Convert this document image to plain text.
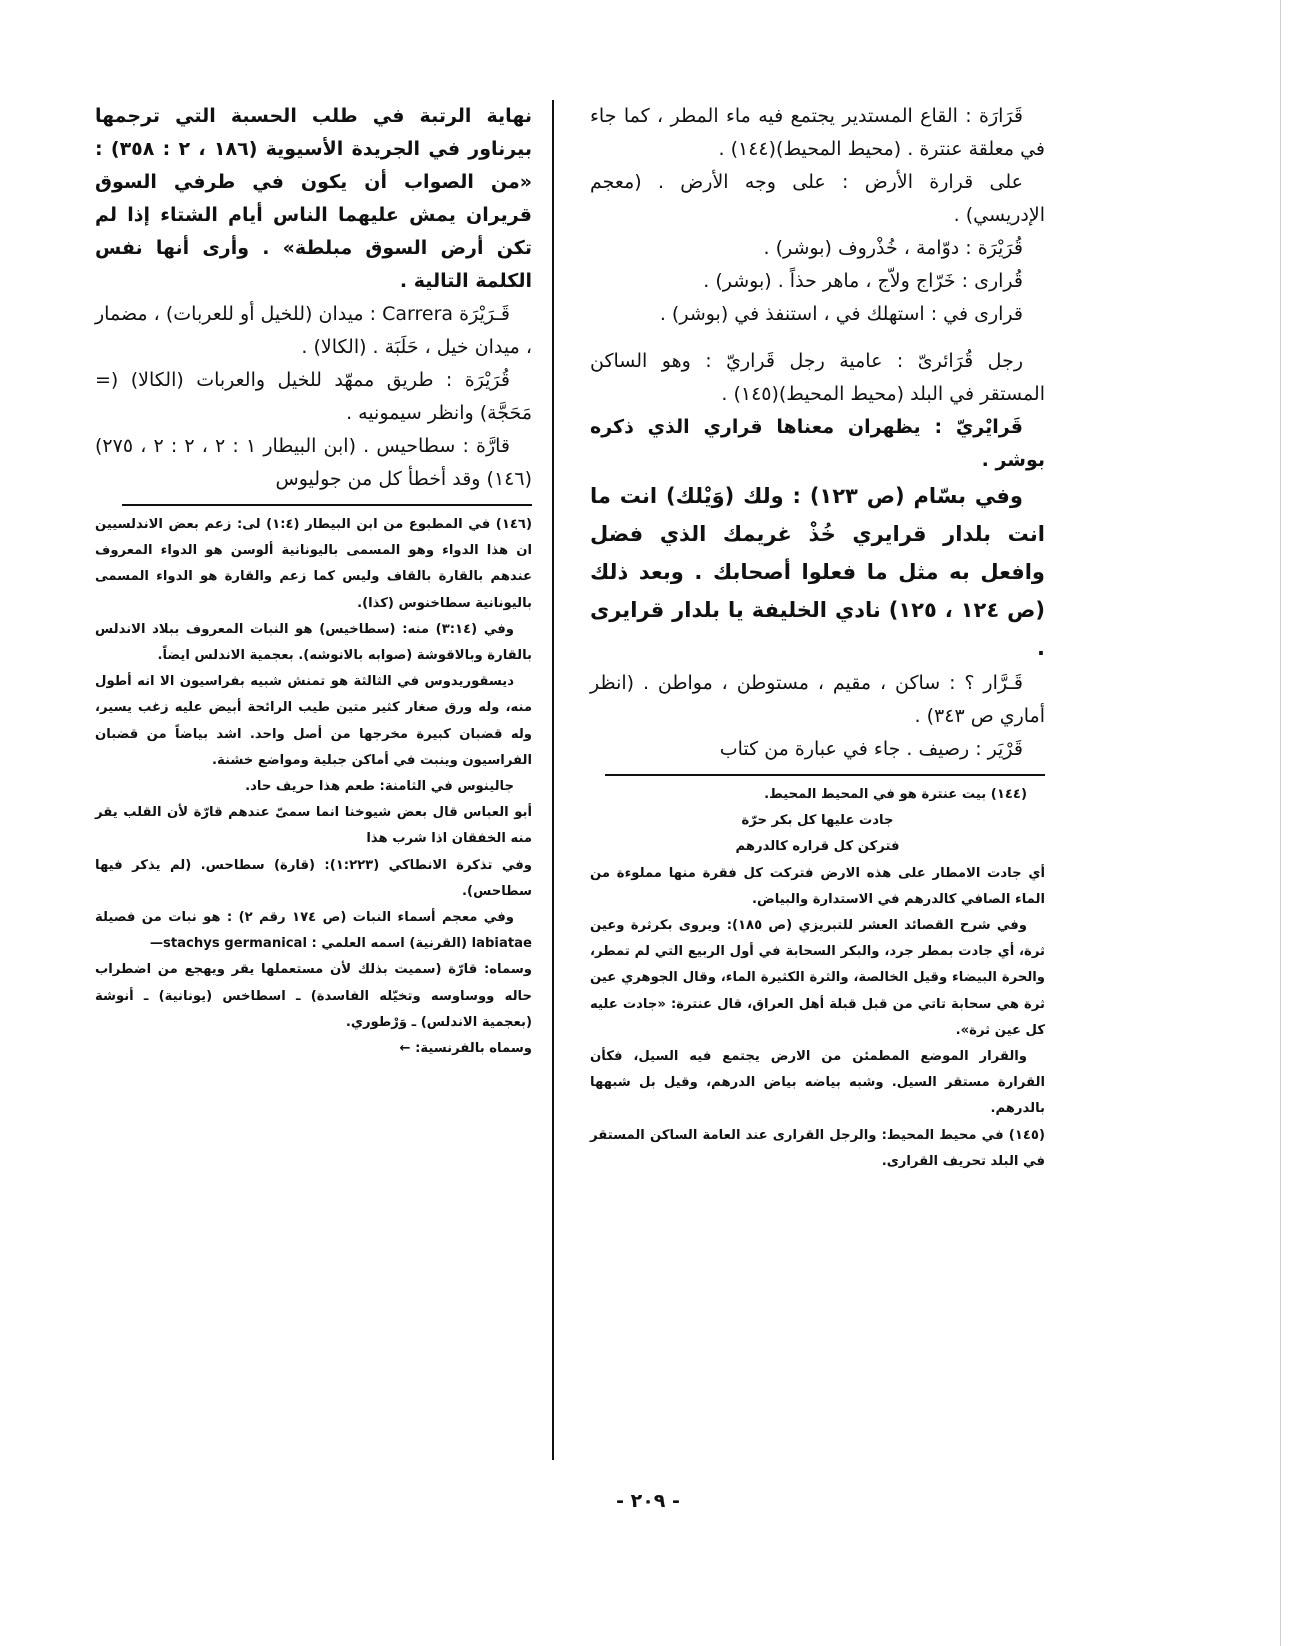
قَرَارَة : القاع المستدير يجتمع فيه ماء المطر ، كما جاء في معلقة عنترة . (محيط المحيط)(١٤٤) .

على قرارة الأرض : على وجه الأرض . (معجم الإدريسي) .

قُرَيْرَة : دوّامة ، خُذْروف (بوشر) .

قُرارى : خَرّاج ولاّج ، ماهر حذاً . (بوشر) .

قرارى في : استهلك في ، استنفذ في (بوشر) .

رجل قُرَائرىّ : عامية رجل قَراريّ : وهو الساكن المستقر في البلد (محيط المحيط)(١٤٥) .

قَرايْريّ : يظهران معناها قراري الذي ذكره بوشر .

وفي بسّام (ص ١٢٣) : ولك (وَيْلك) انت ما انت بلدار قرايري خُذْ غريمك الذي فضل وافعل به مثل ما فعلوا أصحابك . وبعد ذلك (ص ١٢٤ ، ١٢٥) نادي الخليفة يا بلدار قرايرى .

قَـرَّار ؟ : ساكن ، مقيم ، مستوطن ، مواطن . (انظر أماري ص ٣٤٣) .

قَرْيَر : رصيف . جاء في عبارة من كتاب

(١٤٤) بيت عنترة هو في المحيط المحيط.

جادت عليها كل بكر حرّة

فتركن كل قراره كالدرهم

أي جادت الامطار على هذه الارض فتركت كل فقرة منها مملوءة من الماء الصافي كالدرهم في الاستدارة والبياض.

وفي شرح القصائد العشر للتبريزي (ص ١٨٥): ويروى بكرثرة وعين ثرة، أي جادت بمطر جرد، والبكر السحابة في أول الربيع التي لم تمطر، والحرة البيضاء وقيل الخالصة، والثرة الكثيرة الماء، وقال الجوهري عين ثرة هي سحابة تاتي من قبل قبلة أهل العراق، قال عنترة: «جادت عليه كل عين ثرة».

والقرار الموضع المطمئن من الارض يجتمع فيه السيل، فكأن القرارة مستقر السيل. وشبه بياضه بياض الدرهم، وقيل بل شبهها بالدرهم.

(١٤٥) في محيط المحيط: والرجل القرارى عند العامة الساكن المستقر في البلد تحريف القرارى.

نهاية الرتبة في طلب الحسبة التي ترجمها بيرناور في الجريدة الأسيوية (١٨٦ ، ٢ : ٣٥٨) : «من الصواب أن يكون في طرفي السوق قريران يمش عليهما الناس أيام الشتاء إذا لم تكن أرض السوق مبلطة» . وأرى أنها نفس الكلمة التالية .

قَـرَيْرَة Carrera : ميدان (للخيل أو للعربات) ، مضمار ، ميدان خيل ، حَلَبَة . (الكالا) .

قُرَيْرَة : طريق ممهّد للخيل والعربات (الكالا) (= مَحَجَّة) وانظر سيمونيه .

قارَّة : سطاحيس . (ابن البيطار ١ : ٢ ، ٢ : ٢ ، ٢٧٥)(١٤٦) وقد أخطأ كل من جوليوس

(١٤٦) في المطبوع من ابن البيطار (١:٤) لى: زعم بعض الاندلسيين ان هذا الدواء وهو المسمى باليونانية ألوسن هو الدواء المعروف عندهم بالقارة بالقاف وليس كما زعم والقارة هو الدواء المسمى باليونانية سطاخنوس (كذا).

وفي (٣:١٤) منه: (سطاخيس) هو النبات المعروف ببلاد الاندلس بالقارة وبالاقوشة (صوابه بالانوشه). بعجمية الاندلس ايضاً.

ديسقوريدوس في الثالثة هو تمنش شبيه بفراسيون الا انه أطول منه، وله ورق صغار كثير متين طيب الرائحة أبيض عليه زغب يسير، وله قضبان كبيرة مخرجها من أصل واحد. اشد بياضاً من قضبان الفراسيون وينبت في أماكن جبلية ومواضع خشنة.

جالينوس في الثامنة: طعم هذا حريف حاد.

أبو العباس قال بعض شيوخنا انما سمىّ عندهم قارّة لأن القلب يقر منه الخفقان اذا شرب هذا

وفي تذكرة الانطاكي (١:٢٢٣): (قارة) سطاحس. (لم يذكر فيها سطاحس).

وفي معجم أسماء النبات (ص ١٧٤ رقم ٢) : هو نبات من فصيلة labiatae (القرنية) اسمه العلمي : stachys germanical—

وسماه: قارّة (سميت بذلك لأن مستعملها يقر ويهجع من اضطراب حاله ووساوسه وتخيّله الفاسدة) ـ اسطاخس (يونانية) ـ أنوشة (بعجمية الاندلس) ـ وَرْطوري.

وسماه بالفرنسية: ←

- ٢٠٩ -
